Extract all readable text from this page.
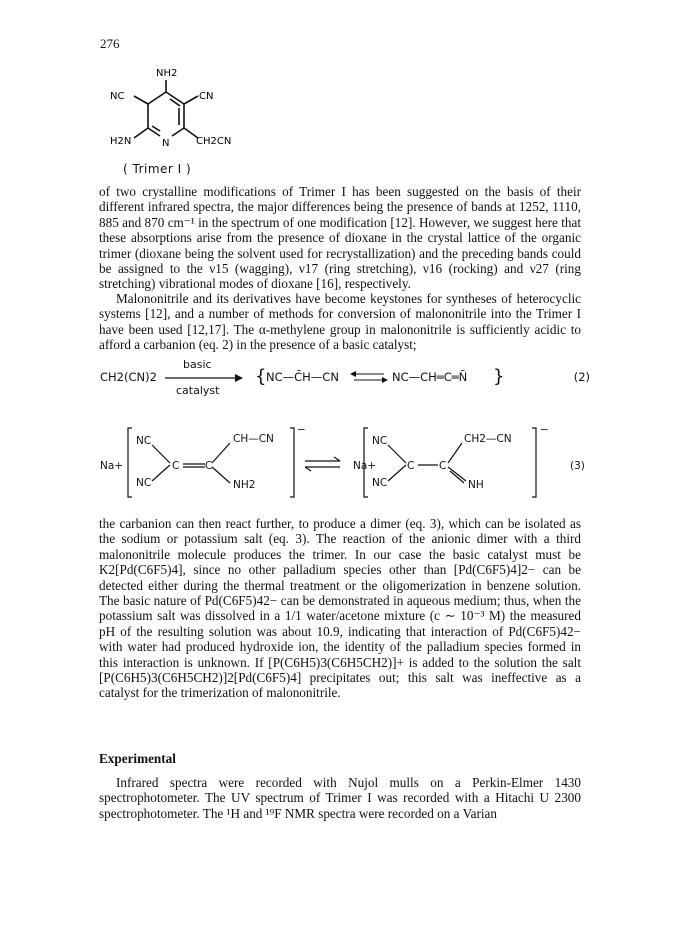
276
NH2
NC	CN
H2N	N	CH2CN
( Trimer I )

of two crystalline modifications of Trimer I has been suggested on the basis of their different infrared spectra, the major differences being the presence of bands at 1252, 1110, 885 and 870 cm⁻¹ in the spectrum of one modification [12]. However, we suggest here that these absorptions arise from the presence of dioxane in the crystal lattice of the organic trimer (dioxane being the solvent used for recrystallization) and the preceding bands could be assigned to the ν15 (wagging), ν17 (ring stretching), ν16 (rocking) and ν27 (ring stretching) vibrational modes of dioxane [16], respectively.

Malononitrile and its derivatives have become keystones for syntheses of heterocyclic systems [12], and a number of methods for conversion of malononitrile into the Trimer I have been used [12,17]. The α-methylene group in malononitrile is sufficiently acidic to afford a carbanion (eq. 2) in the presence of a basic catalyst;

CH2(CN)2
basic
catalyst
{ NC—C̄H—CN	NC—CH═C═N̄ }	(2)
Na+
NC
NC
CH—CN
NH2
−
Na+
NC
NC
CH2—CN
NH
−
(3)
C C	C C

the carbanion can then react further, to produce a dimer (eq. 3), which can be isolated as the sodium or potassium salt (eq. 3). The reaction of the anionic dimer with a third malononitrile molecule produces the trimer. In our case the basic catalyst must be K2[Pd(C6F5)4], since no other palladium species other than [Pd(C6F5)4]2− can be detected either during the thermal treatment or the oligomerization in benzene solution. The basic nature of Pd(C6F5)42− can be demonstrated in aqueous medium; thus, when the potassium salt was dissolved in a 1/1 water/acetone mixture (c ∼ 10⁻³ M) the measured pH of the resulting solution was about 10.9, indicating that interaction of Pd(C6F5)42− with water had produced hydroxide ion, the identity of the palladium species formed in this interaction is unknown. If [P(C6H5)3(C6H5CH2)]+ is added to the solution the salt [P(C6H5)3(C6H5CH2)]2[Pd(C6F5)4] precipitates out; this salt was ineffective as a catalyst for the trimerization of malononitrile.

Experimental

Infrared spectra were recorded with Nujol mulls on a Perkin-Elmer 1430 spectrophotometer. The UV spectrum of Trimer I was recorded with a Hitachi U 2300 spectrophotometer. The ¹H and ¹⁹F NMR spectra were recorded on a Varian
